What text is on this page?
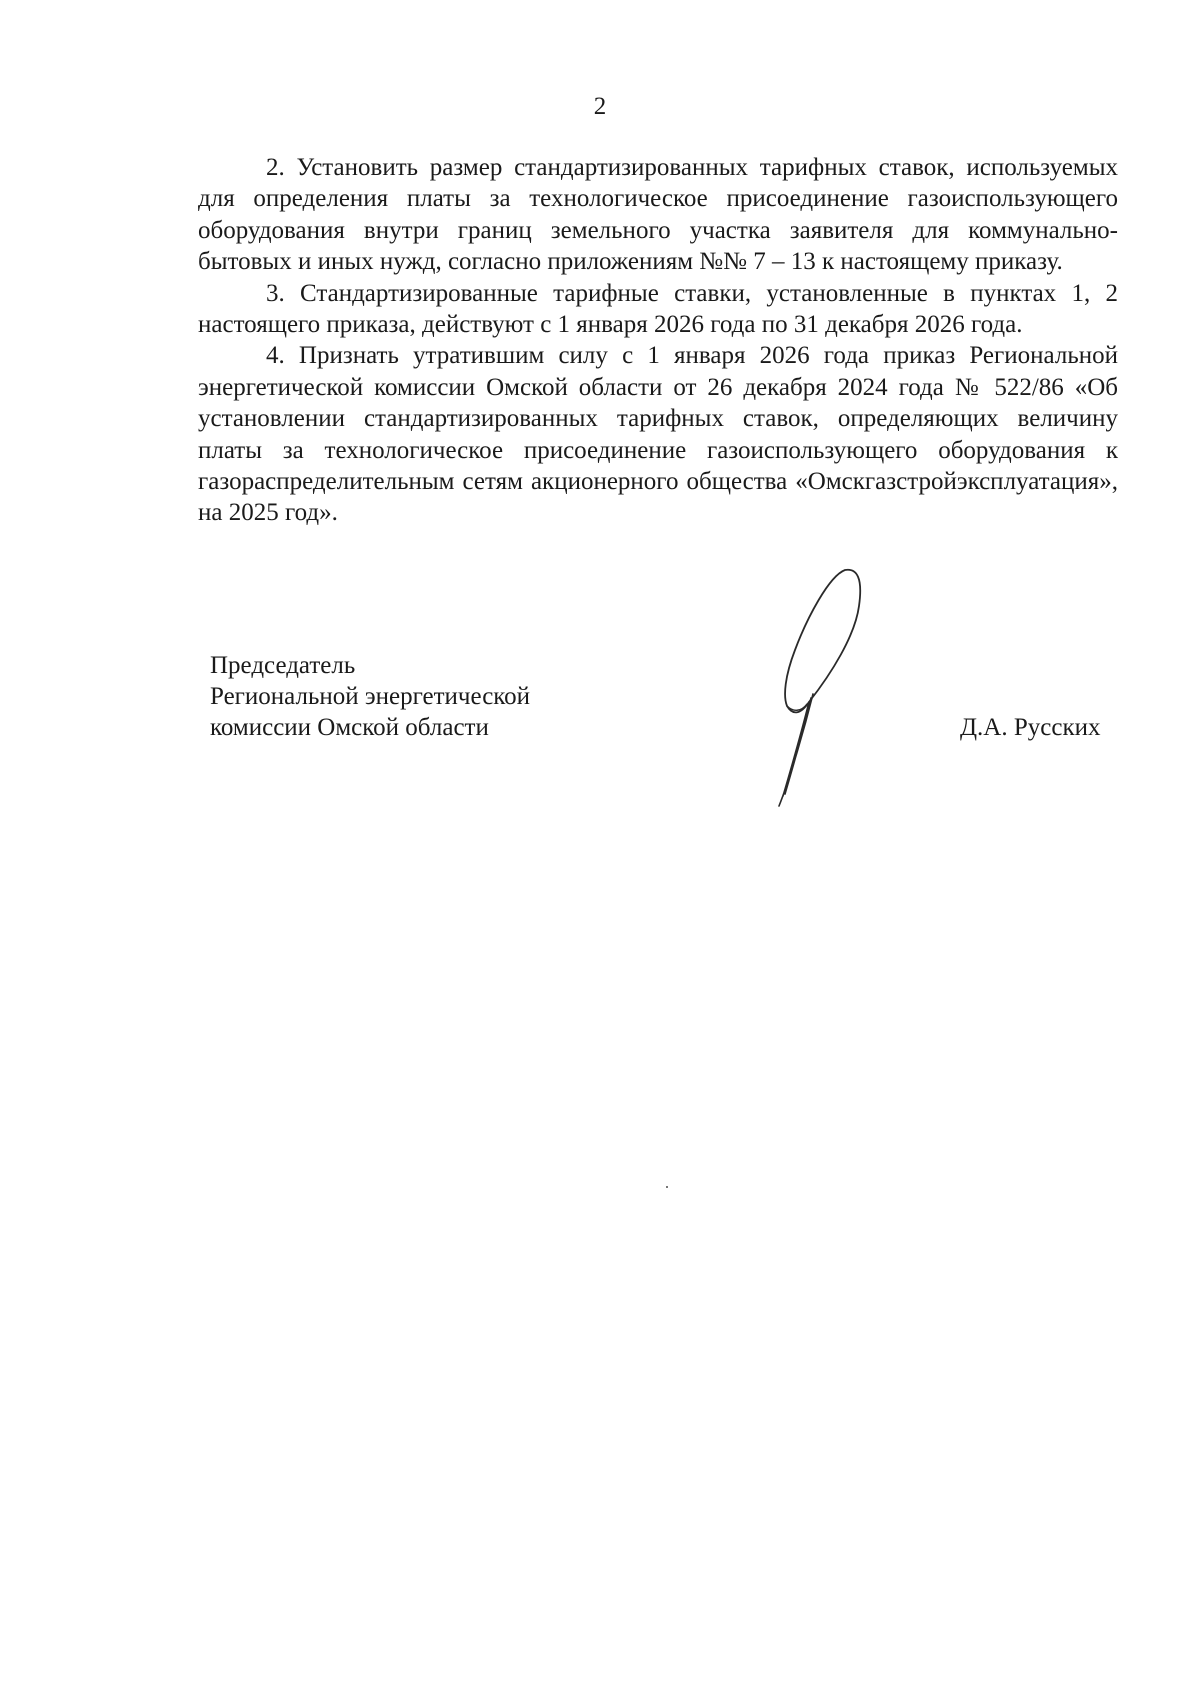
2

2. Установить размер стандартизированных тарифных ставок, используемых для определения платы за технологическое присоединение газоиспользующего оборудования внутри границ земельного участка заявителя для коммунально-бытовых и иных нужд, согласно приложениям №№ 7 – 13 к настоящему приказу.

3. Стандартизированные тарифные ставки, установленные в пунктах 1, 2 настоящего приказа, действуют с 1 января 2026 года по 31 декабря 2026 года.

4. Признать утратившим силу с 1 января 2026 года приказ Региональной энергетической комиссии Омской области от 26 декабря 2024 года № 522/86 «Об установлении стандартизированных тарифных ставок, определяющих величину платы за технологическое присоединение газоиспользующего оборудования к газораспределительным сетям акционерного общества «Омскгазстройэксплуатация», на 2025 год».

Председатель
Региональной энергетической
комиссии Омской области	Д.А. Русских
